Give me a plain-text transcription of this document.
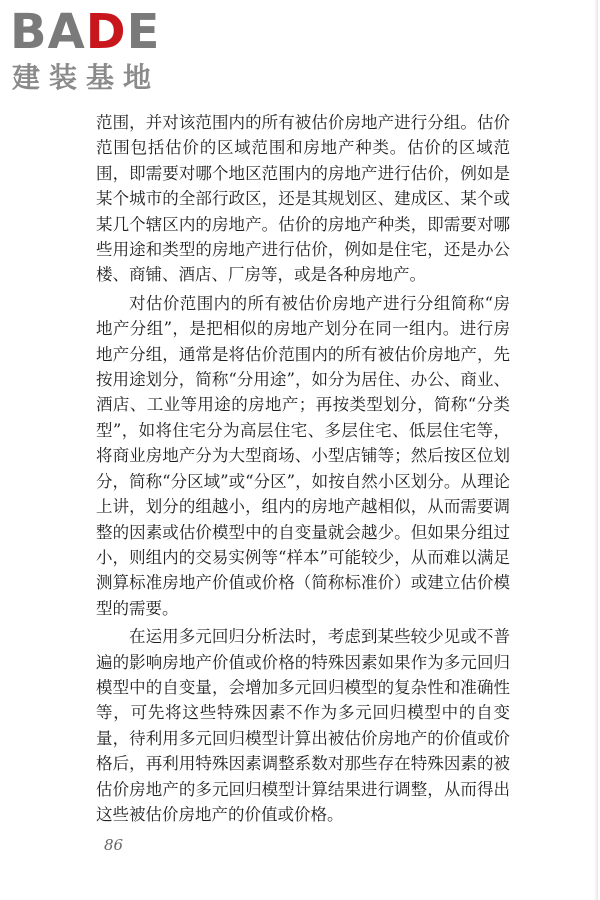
BADE
建装基地

范围，并对该范围内的所有被估价房地产进行分组。估价范围包括估价的区域范围和房地产种类。估价的区域范围，即需要对哪个地区范围内的房地产进行估价，例如是某个城市的全部行政区，还是其规划区、建成区、某个或某几个辖区内的房地产。估价的房地产种类，即需要对哪些用途和类型的房地产进行估价，例如是住宅，还是办公楼、商铺、酒店、厂房等，或是各种房地产。

对估价范围内的所有被估价房地产进行分组简称“房地产分组”，是把相似的房地产划分在同一组内。进行房地产分组，通常是将估价范围内的所有被估价房地产，先按用途划分，简称“分用途”，如分为居住、办公、商业、酒店、工业等用途的房地产；再按类型划分，简称“分类型”，如将住宅分为高层住宅、多层住宅、低层住宅等，将商业房地产分为大型商场、小型店铺等；然后按区位划分，简称“分区域”或“分区”，如按自然小区划分。从理论上讲，划分的组越小，组内的房地产越相似，从而需要调整的因素或估价模型中的自变量就会越少。但如果分组过小，则组内的交易实例等“样本”可能较少，从而难以满足测算标准房地产价值或价格（简称标准价）或建立估价模型的需要。

在运用多元回归分析法时，考虑到某些较少见或不普遍的影响房地产价值或价格的特殊因素如果作为多元回归模型中的自变量，会增加多元回归模型的复杂性和准确性等，可先将这些特殊因素不作为多元回归模型中的自变量，待利用多元回归模型计算出被估价房地产的价值或价格后，再利用特殊因素调整系数对那些存在特殊因素的被估价房地产的多元回归模型计算结果进行调整，从而得出这些被估价房地产的价值或价格。

86
